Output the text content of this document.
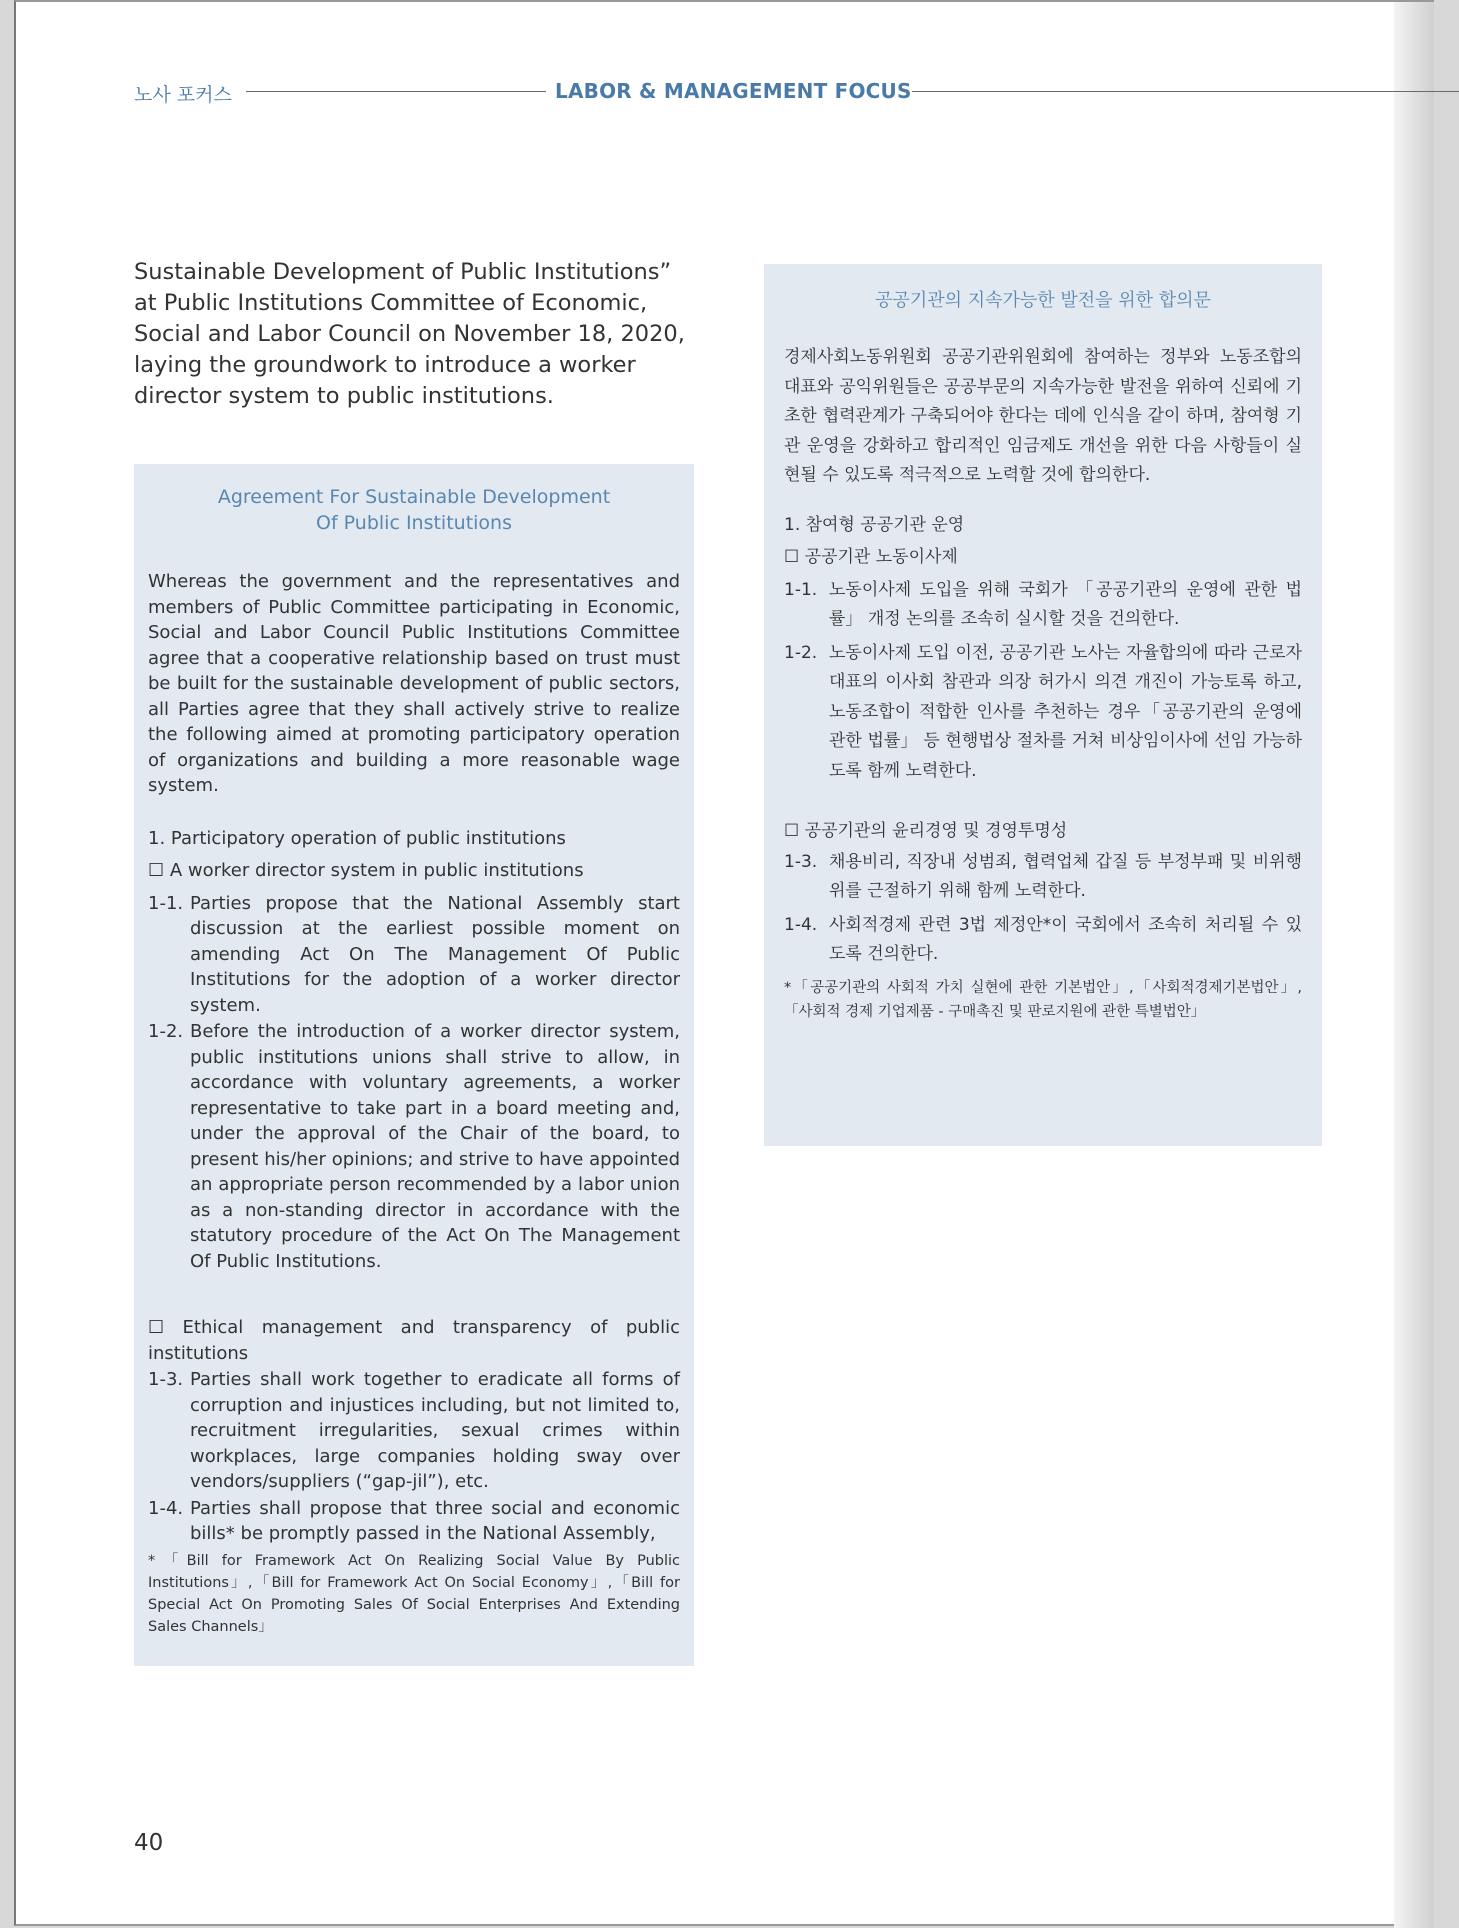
노사 포커스	LABOR & MANAGEMENT FOCUS

Sustainable Development of Public Institutions” at Public Institutions Committee of Economic, Social and Labor Council on November 18, 2020, laying the groundwork to introduce a worker director system to public institutions.

Agreement For Sustainable Development
Of Public Institutions

Whereas the government and the representatives and members of Public Committee participating in Economic, Social and Labor Council Public Institutions Committee agree that a cooperative relationship based on trust must be built for the sustainable development of public sectors, all Parties agree that they shall actively strive to realize the following aimed at promoting participatory operation of organizations and building a more reasonable wage system.

1. Participatory operation of public institutions

☐ A worker director system in public institutions

1-1. Parties propose that the National Assembly start discussion at the earliest possible moment on amending Act On The Management Of Public Institutions for the adoption of a worker director system.

1-2. Before the introduction of a worker director system, public institutions unions shall strive to allow, in accordance with voluntary agreements, a worker representative to take part in a board meeting and, under the approval of the Chair of the board, to present his/her opinions; and strive to have appointed an appropriate person recommended by a labor union as a non-standing director in accordance with the statutory procedure of the Act On The Management Of Public Institutions.

☐ Ethical management and transparency of public institutions

1-3. Parties shall work together to eradicate all forms of corruption and injustices including, but not limited to, recruitment irregularities, sexual crimes within workplaces, large companies holding sway over vendors/suppliers (“gap-jil”), etc.

1-4. Parties shall propose that three social and economic bills* be promptly passed in the National Assembly,

*「Bill for Framework Act On Realizing Social Value By Public Institutions」,「Bill for Framework Act On Social Economy」,「Bill for Special Act On Promoting Sales Of Social Enterprises And Extending Sales Channels」

공공기관의 지속가능한 발전을 위한 합의문

경제사회노동위원회 공공기관위원회에 참여하는 정부와 노동조합의 대표와 공익위원들은 공공부문의 지속가능한 발전을 위하여 신뢰에 기초한 협력관계가 구축되어야 한다는 데에 인식을 같이 하며, 참여형 기관 운영을 강화하고 합리적인 임금제도 개선을 위한 다음 사항들이 실현될 수 있도록 적극적으로 노력할 것에 합의한다.

1. 참여형 공공기관 운영

☐ 공공기관 노동이사제

1-1. 노동이사제 도입을 위해 국회가 「공공기관의 운영에 관한 법률」 개정 논의를 조속히 실시할 것을 건의한다.

1-2. 노동이사제 도입 이전, 공공기관 노사는 자율합의에 따라 근로자 대표의 이사회 참관과 의장 허가시 의견 개진이 가능토록 하고, 노동조합이 적합한 인사를 추천하는 경우「공공기관의 운영에 관한 법률」 등 현행법상 절차를 거쳐 비상임이사에 선임 가능하도록 함께 노력한다.

☐ 공공기관의 윤리경영 및 경영투명성

1-3. 채용비리, 직장내 성범죄, 협력업체 갑질 등 부정부패 및 비위행위를 근절하기 위해 함께 노력한다.

1-4. 사회적경제 관련 3법 제정안*이 국회에서 조속히 처리될 수 있도록 건의한다.

*「공공기관의 사회적 가치 실현에 관한 기본법안」,「사회적경제기본법안」,「사회적 경제 기업제품 - 구매촉진 및 판로지원에 관한 특별법안」

40
